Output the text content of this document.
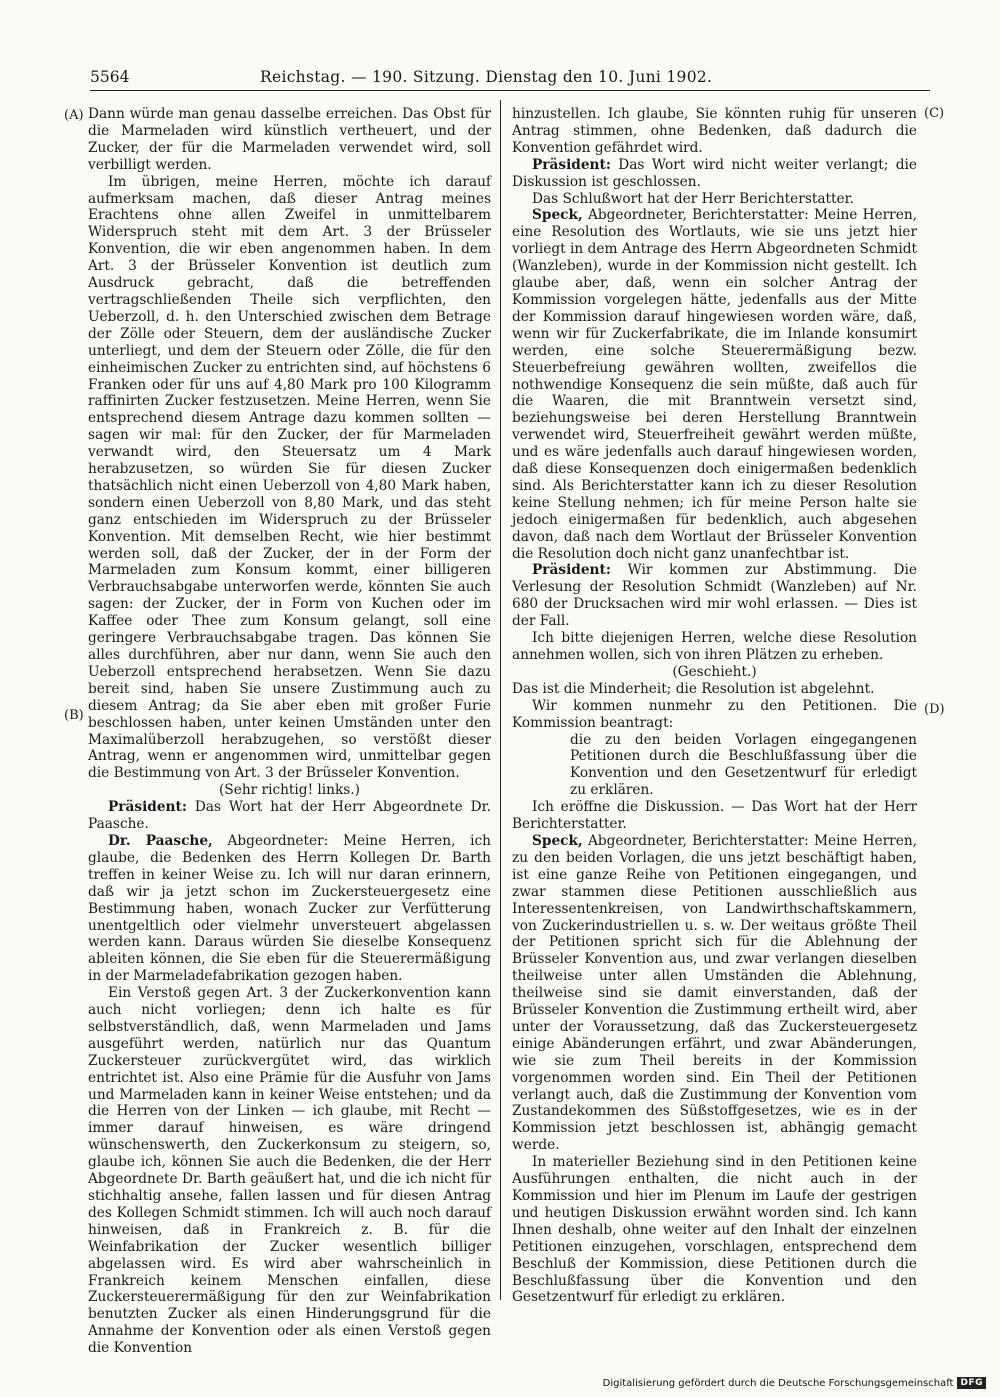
5564	Reichstag. — 190. Sitzung. Dienstag den 10. Juni 1902.
(A)
(B)
(C)
(D)

Dann würde man genau dasselbe erreichen. Das Obst für die Marmeladen wird künstlich vertheuert, und der Zucker, der für die Marmeladen verwendet wird, soll verbilligt werden.

Im übrigen, meine Herren, möchte ich darauf aufmerksam machen, daß dieser Antrag meines Erachtens ohne allen Zweifel in unmittelbarem Widerspruch steht mit dem Art. 3 der Brüsseler Konvention, die wir eben angenommen haben. In dem Art. 3 der Brüsseler Konvention ist deutlich zum Ausdruck gebracht, daß die betreffenden vertragschließenden Theile sich verpflichten, den Ueberzoll, d. h. den Unterschied zwischen dem Betrage der Zölle oder Steuern, dem der ausländische Zucker unterliegt, und dem der Steuern oder Zölle, die für den einheimischen Zucker zu entrichten sind, auf höchstens 6 Franken oder für uns auf 4,80 Mark pro 100 Kilogramm raffinirten Zucker festzusetzen. Meine Herren, wenn Sie entsprechend diesem Antrage dazu kommen sollten — sagen wir mal: für den Zucker, der für Marmeladen verwandt wird, den Steuersatz um 4 Mark herabzusetzen, so würden Sie für diesen Zucker thatsächlich nicht einen Ueberzoll von 4,80 Mark haben, sondern einen Ueberzoll von 8,80 Mark, und das steht ganz entschieden im Widerspruch zu der Brüsseler Konvention. Mit demselben Recht, wie hier bestimmt werden soll, daß der Zucker, der in der Form der Marmeladen zum Konsum kommt, einer billigeren Verbrauchsabgabe unterworfen werde, könnten Sie auch sagen: der Zucker, der in Form von Kuchen oder im Kaffee oder Thee zum Konsum gelangt, soll eine geringere Verbrauchsabgabe tragen. Das können Sie alles durchführen, aber nur dann, wenn Sie auch den Ueberzoll entsprechend herabsetzen. Wenn Sie dazu bereit sind, haben Sie unsere Zustimmung auch zu diesem Antrag; da Sie aber eben mit großer Furie beschlossen haben, unter keinen Umständen unter den Maximalüberzoll herabzugehen, so verstößt dieser Antrag, wenn er angenommen wird, unmittelbar gegen die Bestimmung von Art. 3 der Brüsseler Konvention.

(Sehr richtig! links.)

Präsident: Das Wort hat der Herr Abgeordnete Dr. Paasche.

Dr. Paasche, Abgeordneter: Meine Herren, ich glaube, die Bedenken des Herrn Kollegen Dr. Barth treffen in keiner Weise zu. Ich will nur daran erinnern, daß wir ja jetzt schon im Zuckersteuergesetz eine Bestimmung haben, wonach Zucker zur Verfütterung unentgeltlich oder vielmehr unversteuert abgelassen werden kann. Daraus würden Sie dieselbe Konsequenz ableiten können, die Sie eben für die Steuerermäßigung in der Marmeladefabrikation gezogen haben.

Ein Verstoß gegen Art. 3 der Zuckerkonvention kann auch nicht vorliegen; denn ich halte es für selbstverständlich, daß, wenn Marmeladen und Jams ausgeführt werden, natürlich nur das Quantum Zuckersteuer zurückvergütet wird, das wirklich entrichtet ist. Also eine Prämie für die Ausfuhr von Jams und Marmeladen kann in keiner Weise entstehen; und da die Herren von der Linken — ich glaube, mit Recht — immer darauf hinweisen, es wäre dringend wünschenswerth, den Zuckerkonsum zu steigern, so, glaube ich, können Sie auch die Bedenken, die der Herr Abgeordnete Dr. Barth geäußert hat, und die ich nicht für stichhaltig ansehe, fallen lassen und für diesen Antrag des Kollegen Schmidt stimmen. Ich will auch noch darauf hinweisen, daß in Frankreich z. B. für die Weinfabrikation der Zucker wesentlich billiger abgelassen wird. Es wird aber wahrscheinlich in Frankreich keinem Menschen einfallen, diese Zuckersteuerermäßigung für den zur Weinfabrikation benutzten Zucker als einen Hinderungsgrund für die Annahme der Konvention oder als einen Verstoß gegen die Konvention

hinzustellen. Ich glaube, Sie könnten ruhig für unseren Antrag stimmen, ohne Bedenken, daß dadurch die Konvention gefährdet wird.

Präsident: Das Wort wird nicht weiter verlangt; die Diskussion ist geschlossen.

Das Schlußwort hat der Herr Berichterstatter.

Speck, Abgeordneter, Berichterstatter: Meine Herren, eine Resolution des Wortlauts, wie sie uns jetzt hier vorliegt in dem Antrage des Herrn Abgeordneten Schmidt (Wanzleben), wurde in der Kommission nicht gestellt. Ich glaube aber, daß, wenn ein solcher Antrag der Kommission vorgelegen hätte, jedenfalls aus der Mitte der Kommission darauf hingewiesen worden wäre, daß, wenn wir für Zuckerfabrikate, die im Inlande konsumirt werden, eine solche Steuerermäßigung bezw. Steuerbefreiung gewähren wollten, zweifellos die nothwendige Konsequenz die sein müßte, daß auch für die Waaren, die mit Branntwein versetzt sind, beziehungsweise bei deren Herstellung Branntwein verwendet wird, Steuerfreiheit gewährt werden müßte, und es wäre jedenfalls auch darauf hingewiesen worden, daß diese Konsequenzen doch einigermaßen bedenklich sind. Als Berichterstatter kann ich zu dieser Resolution keine Stellung nehmen; ich für meine Person halte sie jedoch einigermaßen für bedenklich, auch abgesehen davon, daß nach dem Wortlaut der Brüsseler Konvention die Resolution doch nicht ganz unanfechtbar ist.

Präsident: Wir kommen zur Abstimmung. Die Verlesung der Resolution Schmidt (Wanzleben) auf Nr. 680 der Drucksachen wird mir wohl erlassen. — Dies ist der Fall.

Ich bitte diejenigen Herren, welche diese Resolution annehmen wollen, sich von ihren Plätzen zu erheben.

(Geschieht.)

Das ist die Minderheit; die Resolution ist abgelehnt.

Wir kommen nunmehr zu den Petitionen. Die Kommission beantragt:

die zu den beiden Vorlagen eingegangenen Petitionen durch die Beschlußfassung über die Konvention und den Gesetzentwurf für erledigt zu erklären.

Ich eröffne die Diskussion. — Das Wort hat der Herr Berichterstatter.

Speck, Abgeordneter, Berichterstatter: Meine Herren, zu den beiden Vorlagen, die uns jetzt beschäftigt haben, ist eine ganze Reihe von Petitionen eingegangen, und zwar stammen diese Petitionen ausschließlich aus Interessentenkreisen, von Landwirthschaftskammern, von Zuckerindustriellen u. s. w. Der weitaus größte Theil der Petitionen spricht sich für die Ablehnung der Brüsseler Konvention aus, und zwar verlangen dieselben theilweise unter allen Umständen die Ablehnung, theilweise sind sie damit einverstanden, daß der Brüsseler Konvention die Zustimmung ertheilt wird, aber unter der Voraussetzung, daß das Zuckersteuergesetz einige Abänderungen erfährt, und zwar Abänderungen, wie sie zum Theil bereits in der Kommission vorgenommen worden sind. Ein Theil der Petitionen verlangt auch, daß die Zustimmung der Konvention vom Zustandekommen des Süßstoffgesetzes, wie es in der Kommission jetzt beschlossen ist, abhängig gemacht werde.

In materieller Beziehung sind in den Petitionen keine Ausführungen enthalten, die nicht auch in der Kommission und hier im Plenum im Laufe der gestrigen und heutigen Diskussion erwähnt worden sind. Ich kann Ihnen deshalb, ohne weiter auf den Inhalt der einzelnen Petitionen einzugehen, vorschlagen, entsprechend dem Beschluß der Kommission, diese Petitionen durch die Beschlußfassung über die Konvention und den Gesetzentwurf für erledigt zu erklären.

Digitalisierung gefördert durch die Deutsche Forschungsgemeinschaft DFG
